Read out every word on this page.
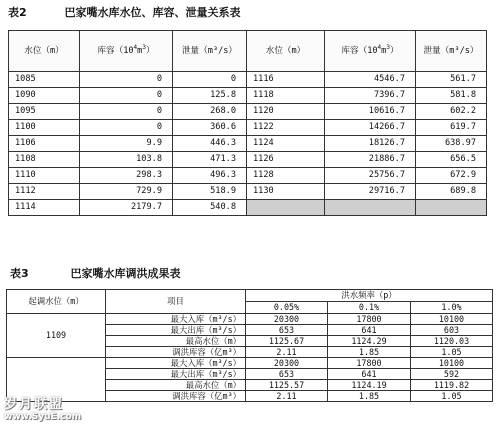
表2	巴家嘴水库水位、库容、泄量关系表
水位（m）	库容$(10^4m^3)$	泄量（m³/s）	水位（m）	库容$(10^4m^3)$	泄量（m³/s）
1085	0	0	1116	4546.7	561.7
1090	0	125.8	1118	7396.7	581.8
1095	0	268.0	1120	10616.7	602.2
1100	0	360.6	1122	14266.7	619.7
1106	9.9	446.3	1124	18126.7	638.97
1108	103.8	471.3	1126	21886.7	656.5
1110	298.3	496.3	1128	25756.7	672.9
1112	729.9	518.9	1130	29716.7	689.8
1114	2179.7	540.8			
表3	巴家嘴水库调洪成果表
起调水位（m）	项目	洪水频率（p）		
		0.05%	0.1%	1.0%
1109	最大入库（m³/s）	20300	17800	10100
	最大出库（m³/s）	653	641	603
	最高水位（m）	1125.67	1124.29	1120.03
	调洪库容（亿m³）	2.11	1.85	1.05
	最大入库（m³/s）	20300	17800	10100
	最大出库（m³/s）	653	641	592
	最高水位（m）	1125.57	1124.19	1119.82
	调洪库容（亿m³）	2.11	1.85	1.05
岁月联盟
www.SyuE.com
